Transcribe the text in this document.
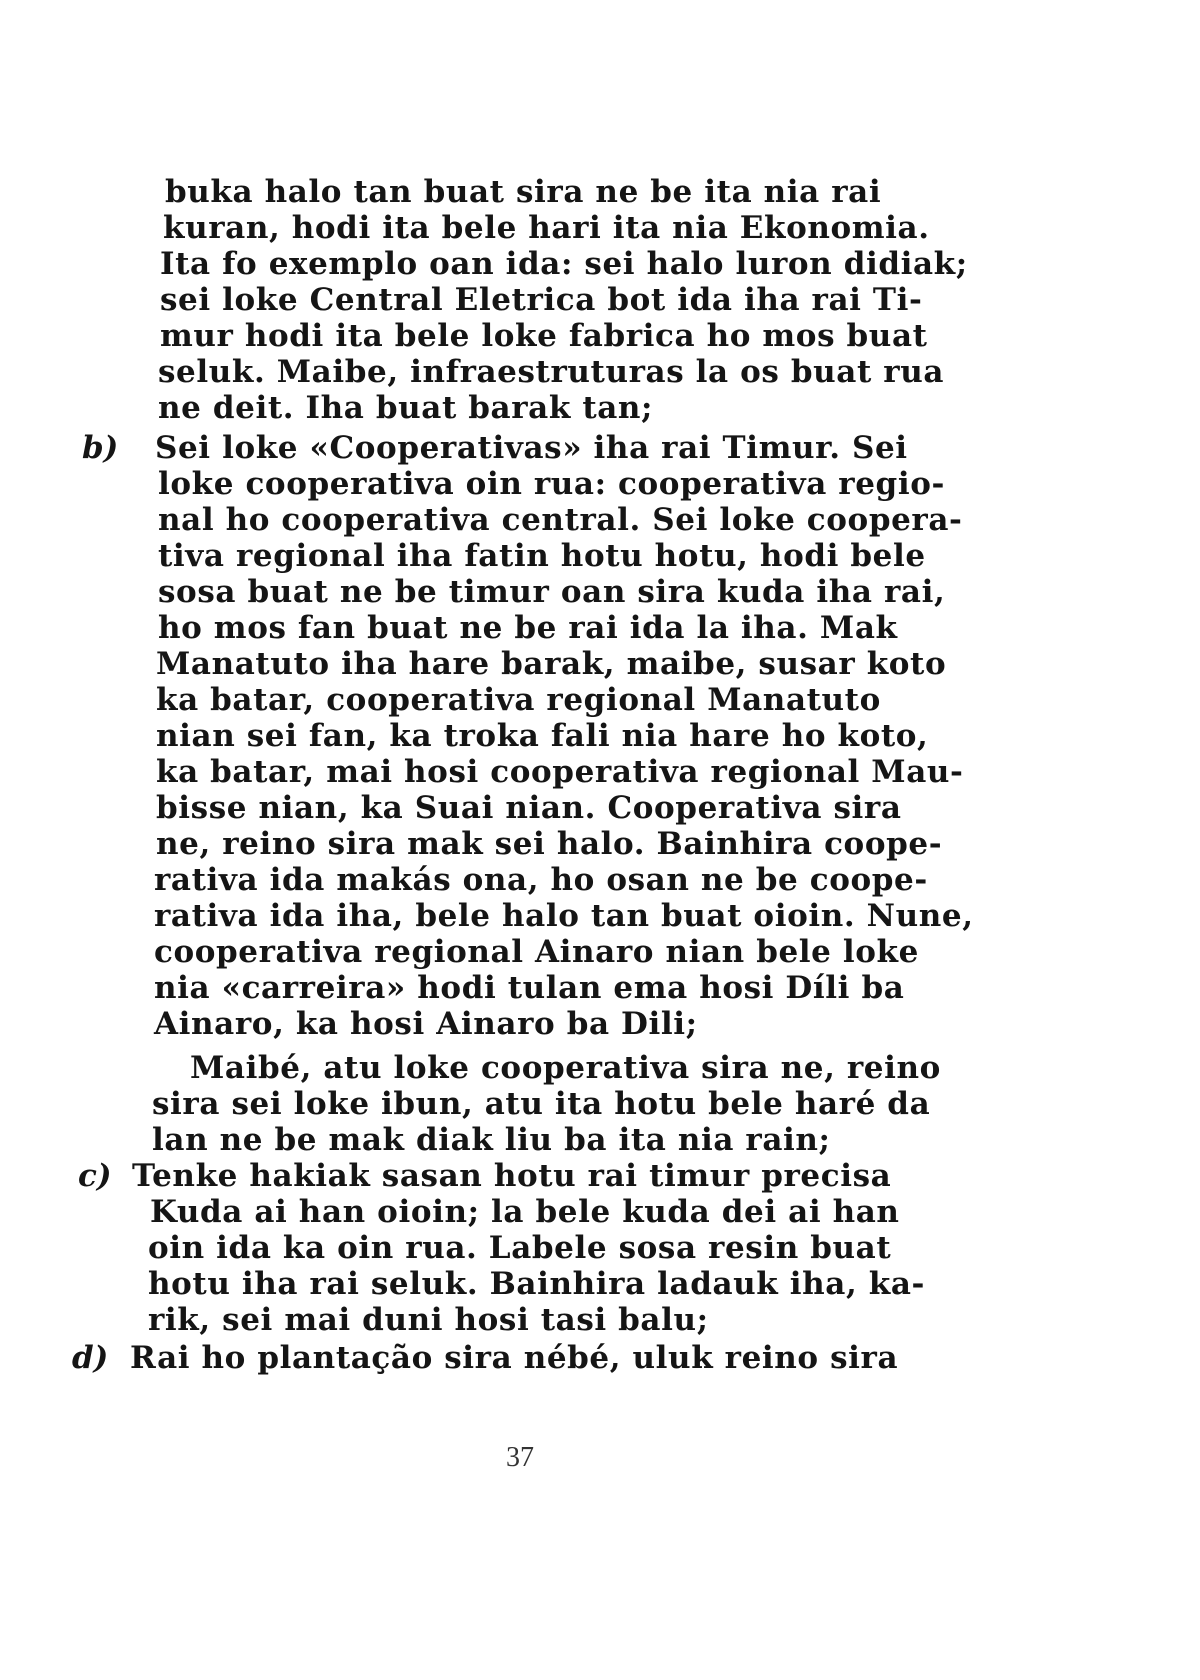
buka halo tan buat sira ne be ita nia rai
kuran, hodi ita bele hari ita nia Ekonomia.
Ita fo exemplo oan ida: sei halo luron didiak;
sei loke Central Eletrica bot ida iha rai Ti-
mur hodi ita bele loke fabrica ho mos buat
seluk. Maibe, infraestruturas la os buat rua
ne deit. Iha buat barak tan;
b) Sei loke «Cooperativas» iha rai Timur. Sei
loke cooperativa oin rua: cooperativa regio-
nal ho cooperativa central. Sei loke coopera-
tiva regional iha fatin hotu hotu, hodi bele
sosa buat ne be timur oan sira kuda iha rai,
ho mos fan buat ne be rai ida la iha. Mak
Manatuto iha hare barak, maibe, susar koto
ka batar, cooperativa regional Manatuto
nian sei fan, ka troka fali nia hare ho koto,
ka batar, mai hosi cooperativa regional Mau-
bisse nian, ka Suai nian. Cooperativa sira
ne, reino sira mak sei halo. Bainhira coope-
rativa ida makás ona, ho osan ne be coope-
rativa ida iha, bele halo tan buat oioin. Nune,
cooperativa regional Ainaro nian bele loke
nia «carreira» hodi tulan ema hosi Díli ba
Ainaro, ka hosi Ainaro ba Dili;
Maibé, atu loke cooperativa sira ne, reino
sira sei loke ibun, atu ita hotu bele haré da
lan ne be mak diak liu ba ita nia rain;
c) Tenke hakiak sasan hotu rai timur precisa
Kuda ai han oioin; la bele kuda dei ai han
oin ida ka oin rua. Labele sosa resin buat
hotu iha rai seluk. Bainhira ladauk iha, ka-
rik, sei mai duni hosi tasi balu;
d) Rai ho plantação sira nébé, uluk reino sira
37
